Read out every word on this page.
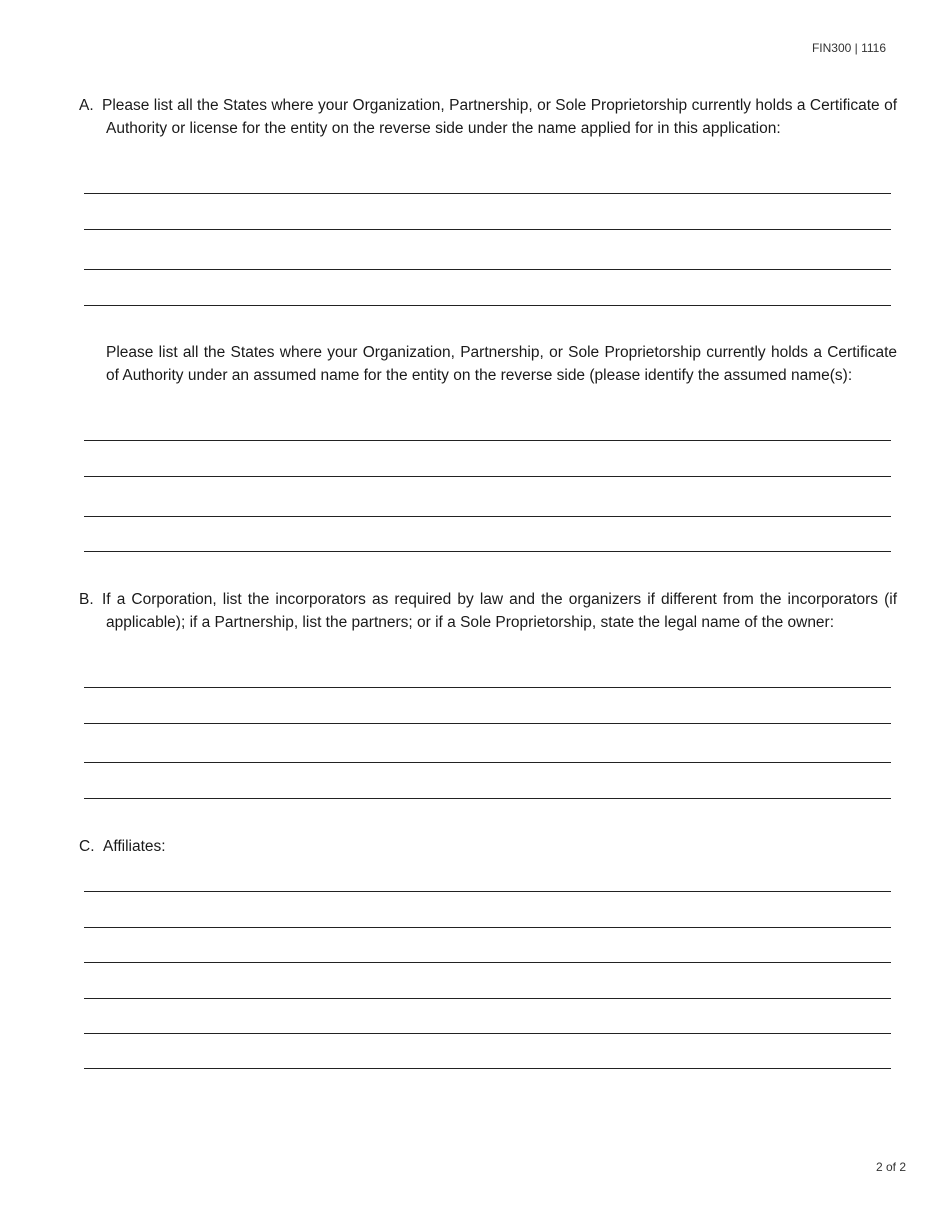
FIN300 | 1116
A. Please list all the States where your Organization, Partnership, or Sole Proprietorship currently holds a Certificate of Authority or license for the entity on the reverse side under the name applied for in this application:
Please list all the States where your Organization, Partnership, or Sole Proprietorship currently holds a Certificate of Authority under an assumed name for the entity on the reverse side (please identify the assumed name(s):
B. If a Corporation, list the incorporators as required by law and the organizers if different from the incorporators (if applicable); if a Partnership, list the partners; or if a Sole Proprietorship, state the legal name of the owner:
C. Affiliates:
2 of 2
